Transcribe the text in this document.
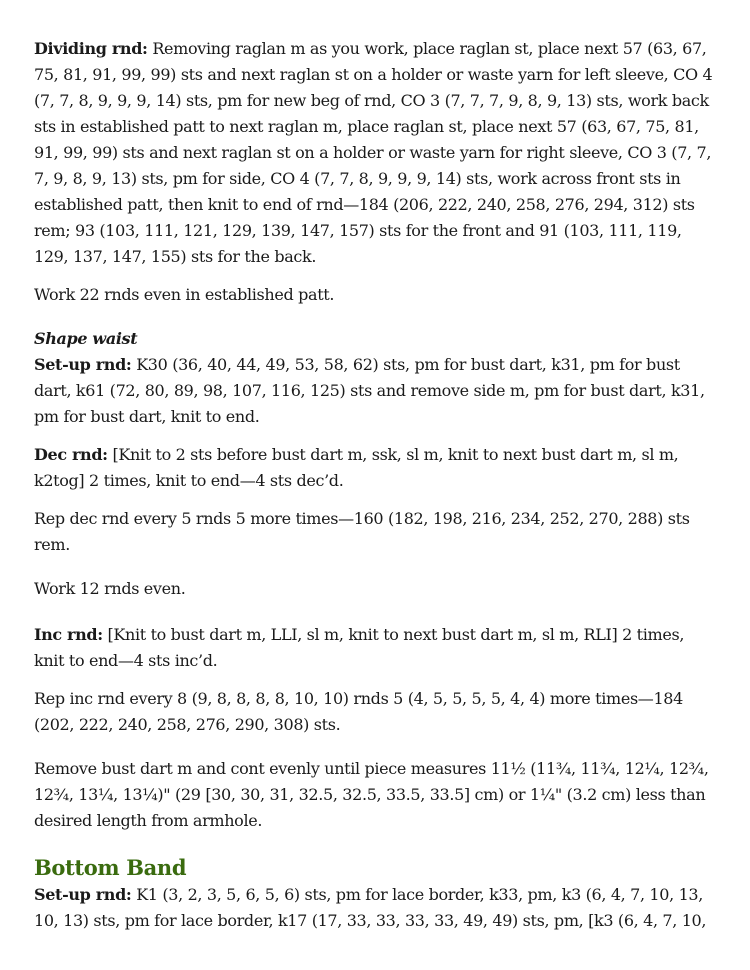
Dividing rnd: Removing raglan m as you work, place raglan st, place next 57 (63, 67, 75, 81, 91, 99, 99) sts and next raglan st on a holder or waste yarn for left sleeve, CO 4 (7, 7, 8, 9, 9, 9, 14) sts, pm for new beg of rnd, CO 3 (7, 7, 7, 9, 8, 9, 13) sts, work back sts in established patt to next raglan m, place raglan st, place next 57 (63, 67, 75, 81, 91, 99, 99) sts and next raglan st on a holder or waste yarn for right sleeve, CO 3 (7, 7, 7, 9, 8, 9, 13) sts, pm for side, CO 4 (7, 7, 8, 9, 9, 9, 14) sts, work across front sts in established patt, then knit to end of rnd—184 (206, 222, 240, 258, 276, 294, 312) sts rem; 93 (103, 111, 121, 129, 139, 147, 157) sts for the front and 91 (103, 111, 119, 129, 137, 147, 155) sts for the back.

Work 22 rnds even in established patt.

Shape waist

Set-up rnd: K30 (36, 40, 44, 49, 53, 58, 62) sts, pm for bust dart, k31, pm for bust dart, k61 (72, 80, 89, 98, 107, 116, 125) sts and remove side m, pm for bust dart, k31, pm for bust dart, knit to end.

Dec rnd: [Knit to 2 sts before bust dart m, ssk, sl m, knit to next bust dart m, sl m, k2tog] 2 times, knit to end—4 sts dec’d.

Rep dec rnd every 5 rnds 5 more times—160 (182, 198, 216, 234, 252, 270, 288) sts rem.

Work 12 rnds even.

Inc rnd: [Knit to bust dart m, LLI, sl m, knit to next bust dart m, sl m, RLI] 2 times, knit to end—4 sts inc’d.

Rep inc rnd every 8 (9, 8, 8, 8, 8, 10, 10) rnds 5 (4, 5, 5, 5, 5, 4, 4) more times—184 (202, 222, 240, 258, 276, 290, 308) sts.

Remove bust dart m and cont evenly until piece measures 11½ (11¾, 11¾, 12¼, 12¾, 12¾, 13¼, 13¼)" (29 [30, 30, 31, 32.5, 32.5, 33.5, 33.5] cm) or 1¼" (3.2 cm) less than desired length from armhole.

Bottom Band

Set-up rnd: K1 (3, 2, 3, 5, 6, 5, 6) sts, pm for lace border, k33, pm, k3 (6, 4, 7, 10, 13, 10, 13) sts, pm for lace border, k17 (17, 33, 33, 33, 33, 49, 49) sts, pm, [k3 (6, 4, 7, 10,
